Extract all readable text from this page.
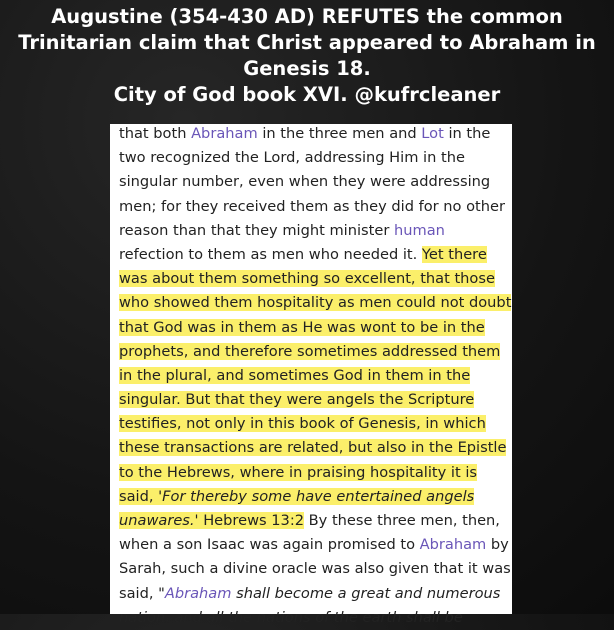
Augustine (354-430 AD) REFUTES the common
Trinitarian claim that Christ appeared to Abraham in
Genesis 18.
City of God book XVI. @kufrcleaner
that both Abraham in the three men and Lot in the
two recognized the Lord, addressing Him in the
singular number, even when they were addressing
men; for they received them as they did for no other
reason than that they might minister human
refection to them as men who needed it. Yet there
was about them something so excellent, that those
who showed them hospitality as men could not doubt
that God was in them as He was wont to be in the
prophets, and therefore sometimes addressed them
in the plural, and sometimes God in them in the
singular. But that they were angels the Scripture
testifies, not only in this book of Genesis, in which
these transactions are related, but also in the Epistle
to the Hebrews, where in praising hospitality it is
said, 'For thereby some have entertained angels
unawares.' Hebrews 13:2 By these three men, then,
when a son Isaac was again promised to Abraham by
Sarah, such a divine oracle was also given that it was
said, "Abraham shall become a great and numerous
nation, and all the nations of the earth shall be
